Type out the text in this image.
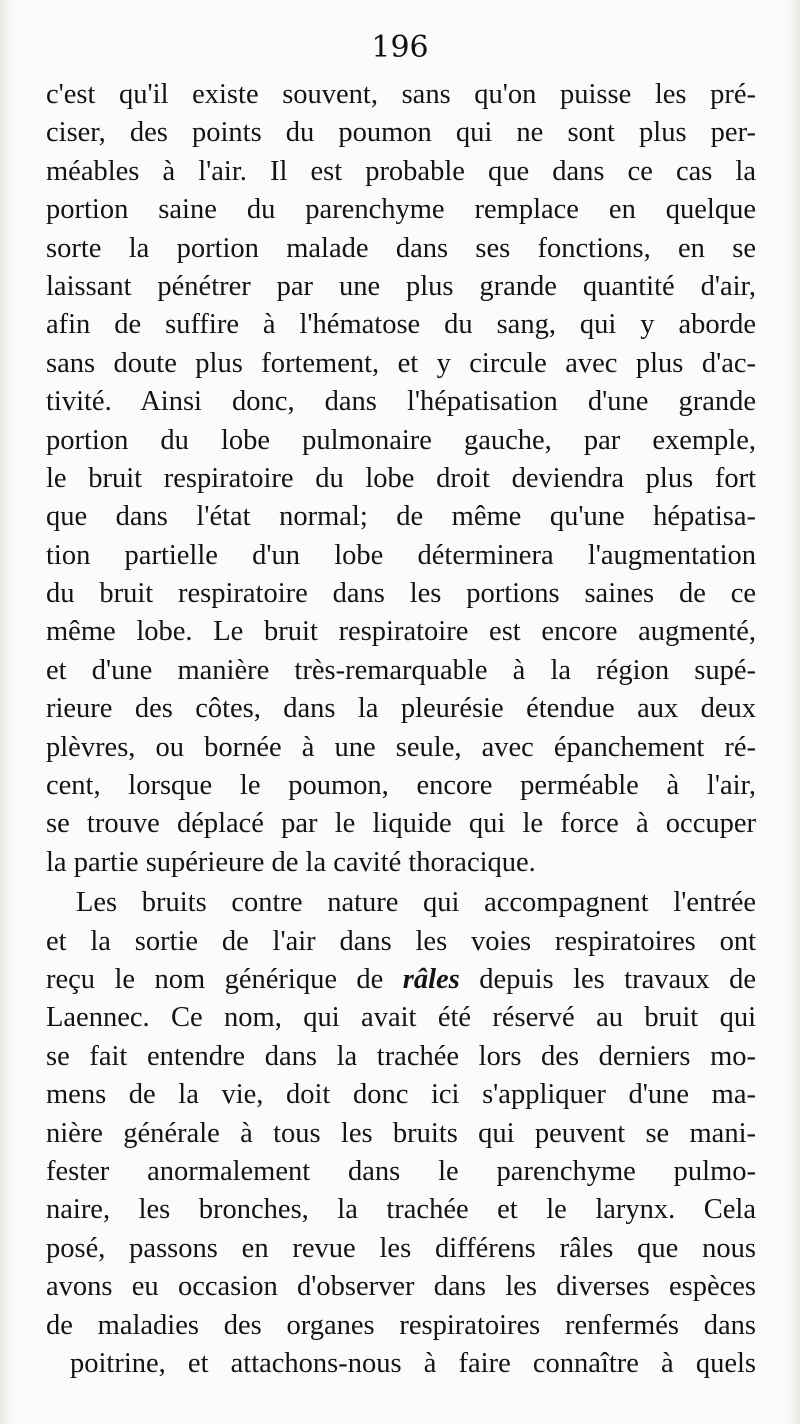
196
c'est qu'il existe souvent, sans qu'on puisse les pré-
ciser, des points du poumon qui ne sont plus per-
méables à l'air. Il est probable que dans ce cas la
portion saine du parenchyme remplace en quelque
sorte la portion malade dans ses fonctions, en se
laissant pénétrer par une plus grande quantité d'air,
afin de suffire à l'hématose du sang, qui y aborde
sans doute plus fortement, et y circule avec plus d'ac-
tivité. Ainsi donc, dans l'hépatisation d'une grande
portion du lobe pulmonaire gauche, par exemple,
le bruit respiratoire du lobe droit deviendra plus fort
que dans l'état normal; de même qu'une hépatisa-
tion partielle d'un lobe déterminera l'augmentation
du bruit respiratoire dans les portions saines de ce
même lobe. Le bruit respiratoire est encore augmenté,
et d'une manière très-remarquable à la région supé-
rieure des côtes, dans la pleurésie étendue aux deux
plèvres, ou bornée à une seule, avec épanchement ré-
cent, lorsque le poumon, encore perméable à l'air,
se trouve déplacé par le liquide qui le force à occuper
la partie supérieure de la cavité thoracique.
Les bruits contre nature qui accompagnent l'entrée
et la sortie de l'air dans les voies respiratoires ont
reçu le nom générique de râles depuis les travaux de
Laennec. Ce nom, qui avait été réservé au bruit qui
se fait entendre dans la trachée lors des derniers mo-
mens de la vie, doit donc ici s'appliquer d'une ma-
nière générale à tous les bruits qui peuvent se mani-
fester anormalement dans le parenchyme pulmo-
naire, les bronches, la trachée et le larynx. Cela
posé, passons en revue les différens râles que nous
avons eu occasion d'observer dans les diverses espèces
de maladies des organes respiratoires renfermés dans
poitrine, et attachons-nous à faire connaître à quels
